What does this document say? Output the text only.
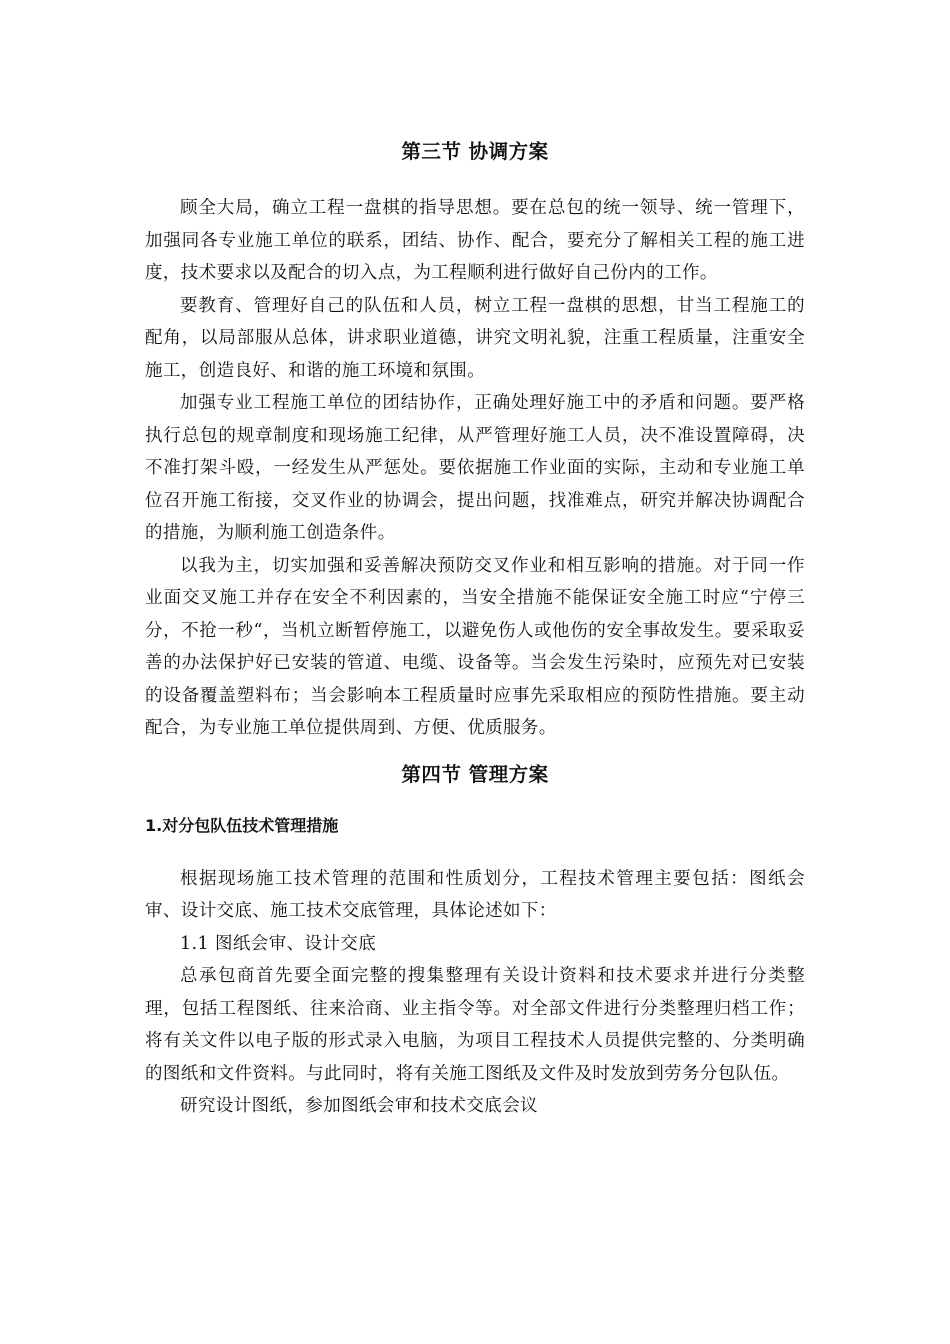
第三节 协调方案

顾全大局，确立工程一盘棋的指导思想。要在总包的统一领导、统一管理下，加强同各专业施工单位的联系，团结、协作、配合，要充分了解相关工程的施工进度，技术要求以及配合的切入点，为工程顺利进行做好自己份内的工作。

要教育、管理好自己的队伍和人员，树立工程一盘棋的思想，甘当工程施工的配角，以局部服从总体，讲求职业道德，讲究文明礼貌，注重工程质量，注重安全施工，创造良好、和谐的施工环境和氛围。

加强专业工程施工单位的团结协作，正确处理好施工中的矛盾和问题。要严格执行总包的规章制度和现场施工纪律，从严管理好施工人员，决不准设置障碍，决不准打架斗殴，一经发生从严惩处。要依据施工作业面的实际，主动和专业施工单位召开施工衔接，交叉作业的协调会，提出问题，找准难点，研究并解决协调配合的措施，为顺利施工创造条件。

以我为主，切实加强和妥善解决预防交叉作业和相互影响的措施。对于同一作业面交叉施工并存在安全不利因素的，当安全措施不能保证安全施工时应“宁停三分，不抢一秒“，当机立断暂停施工，以避免伤人或他伤的安全事故发生。要采取妥善的办法保护好已安装的管道、电缆、设备等。当会发生污染时，应预先对已安装的设备覆盖塑料布；当会影响本工程质量时应事先采取相应的预防性措施。要主动配合，为专业施工单位提供周到、方便、优质服务。

第四节 管理方案
1.对分包队伍技术管理措施

根据现场施工技术管理的范围和性质划分，工程技术管理主要包括：图纸会审、设计交底、施工技术交底管理，具体论述如下：

1.1 图纸会审、设计交底

总承包商首先要全面完整的搜集整理有关设计资料和技术要求并进行分类整理，包括工程图纸、往来洽商、业主指令等。对全部文件进行分类整理归档工作；将有关文件以电子版的形式录入电脑，为项目工程技术人员提供完整的、分类明确的图纸和文件资料。与此同时，将有关施工图纸及文件及时发放到劳务分包队伍。

研究设计图纸，参加图纸会审和技术交底会议
